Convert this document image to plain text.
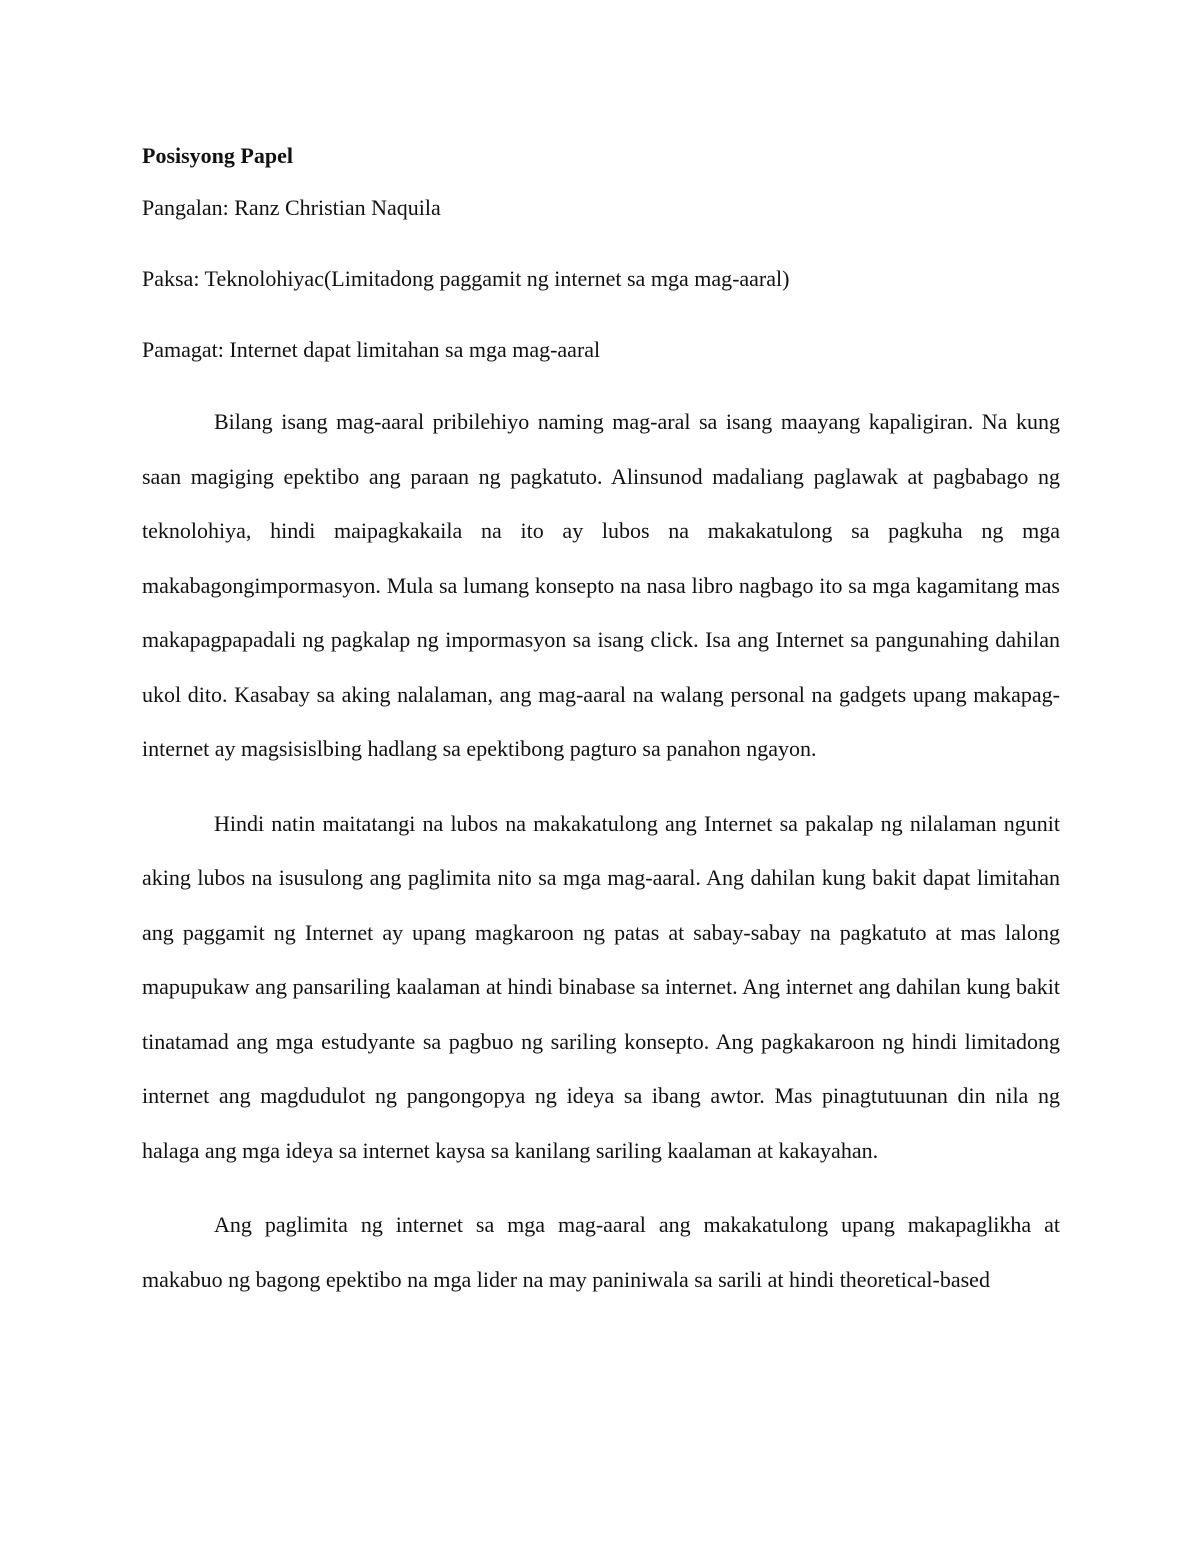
Posisyong Papel
Pangalan: Ranz Christian Naquila
Paksa: Teknolohiyac(Limitadong paggamit ng internet sa mga mag-aaral)
Pamagat: Internet dapat limitahan sa mga mag-aaral

Bilang isang mag-aaral pribilehiyo naming mag-aral sa isang maayang kapaligiran. Na kung saan magiging epektibo ang paraan ng pagkatuto. Alinsunod madaliang paglawak at pagbabago ng teknolohiya, hindi maipagkakaila na ito ay lubos na makakatulong sa pagkuha ng mga makabagongimpormasyon. Mula sa lumang konsepto na nasa libro nagbago ito sa mga kagamitang mas makapagpapadali ng pagkalap ng impormasyon sa isang click. Isa ang Internet sa pangunahing dahilan ukol dito. Kasabay sa aking nalalaman, ang mag-aaral na walang personal na gadgets upang makapag-internet ay magsisislbing hadlang sa epektibong pagturo sa panahon ngayon.

Hindi natin maitatangi na lubos na makakatulong ang Internet sa pakalap ng nilalaman ngunit aking lubos na isusulong ang paglimita nito sa mga mag-aaral. Ang dahilan kung bakit dapat limitahan ang paggamit ng Internet ay upang magkaroon ng patas at sabay-sabay na pagkatuto at mas lalong mapupukaw ang pansariling kaalaman at hindi binabase sa internet. Ang internet ang dahilan kung bakit tinatamad ang mga estudyante sa pagbuo ng sariling konsepto. Ang pagkakaroon ng hindi limitadong internet ang magdudulot ng pangongopya ng ideya sa ibang awtor. Mas pinagtutuunan din nila ng halaga ang mga ideya sa internet kaysa sa kanilang sariling kaalaman at kakayahan.

Ang paglimita ng internet sa mga mag-aaral ang makakatulong upang makapaglikha at makabuo ng bagong epektibo na mga lider na may paniniwala sa sarili at hindi theoretical-based
